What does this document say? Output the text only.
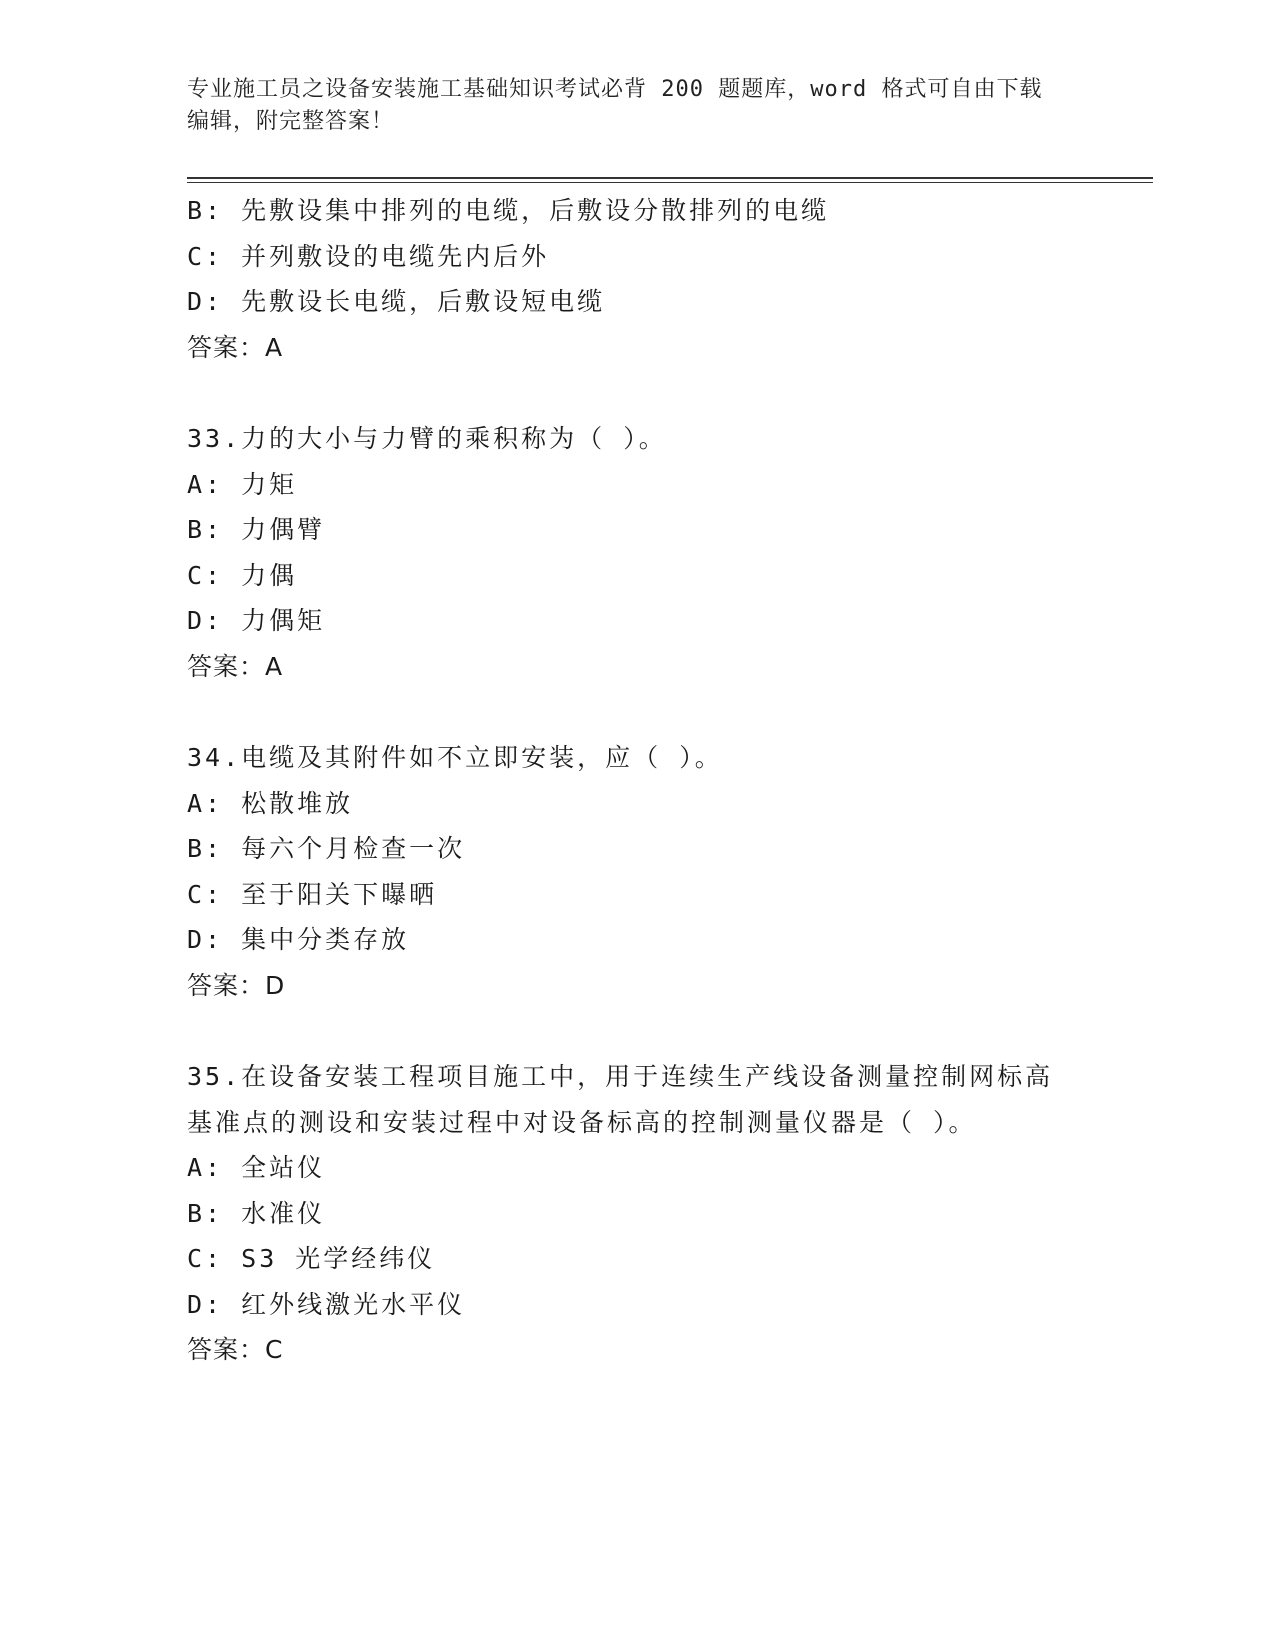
专业施工员之设备安装施工基础知识考试必背 200 题题库，word 格式可自由下载
编辑，附完整答案！
B: 先敷设集中排列的电缆，后敷设分散排列的电缆
C: 并列敷设的电缆先内后外
D: 先敷设长电缆，后敷设短电缆
答案：A
33.力的大小与力臂的乘积称为（ ）。
A: 力矩
B: 力偶臂
C: 力偶
D: 力偶矩
答案：A
34.电缆及其附件如不立即安装，应（ ）。
A: 松散堆放
B: 每六个月检查一次
C: 至于阳关下曝晒
D: 集中分类存放
答案：D
35.在设备安装工程项目施工中，用于连续生产线设备测量控制网标高
基准点的测设和安装过程中对设备标高的控制测量仪器是（ ）。
A: 全站仪
B: 水准仪
C: S3 光学经纬仪
D: 红外线激光水平仪
答案：C
